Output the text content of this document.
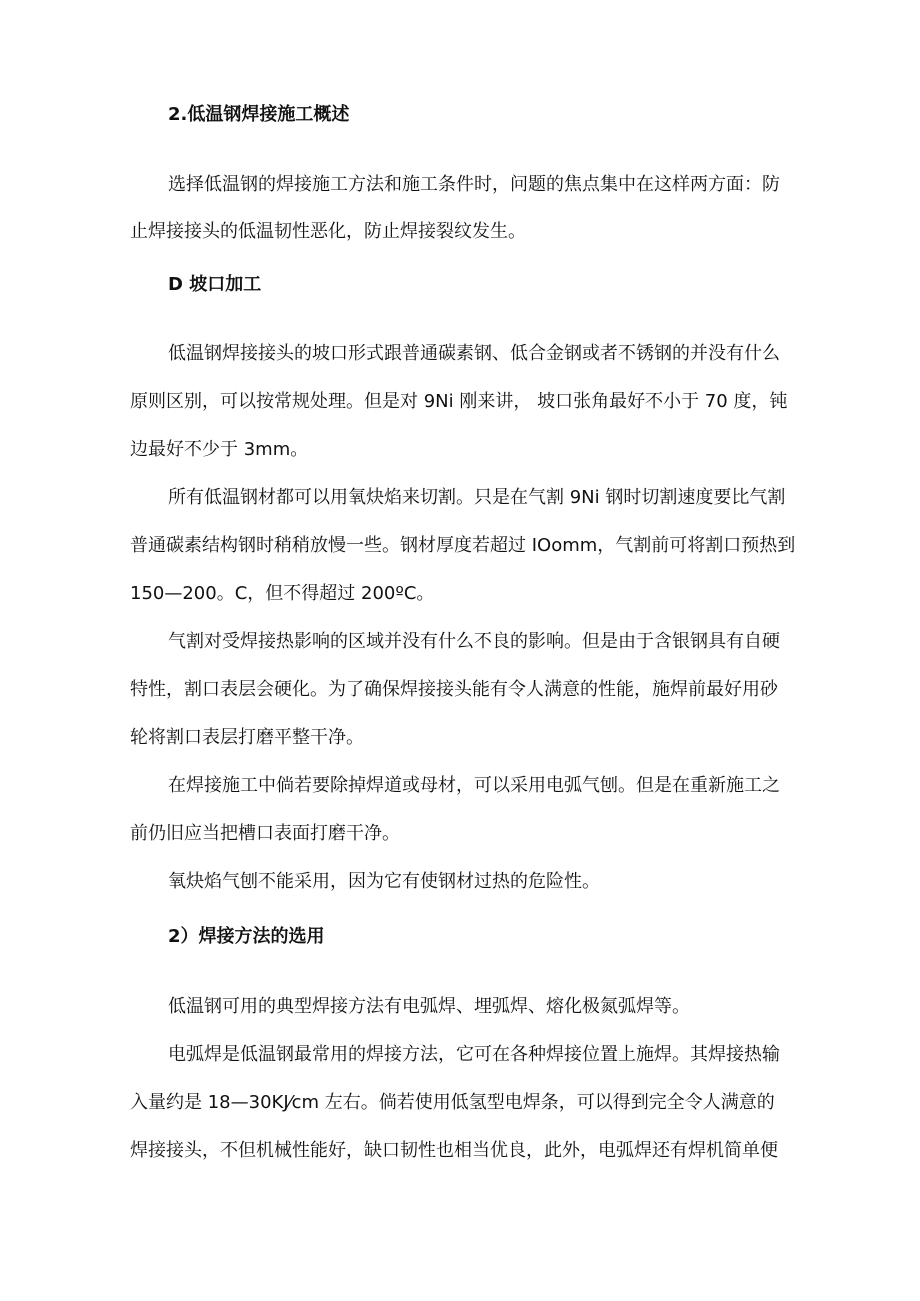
2.低温钢焊接施工概述
选择低温钢的焊接施工方法和施工条件时，问题的焦点集中在这样两方面：防
止焊接接头的低温韧性恶化，防止焊接裂纹发生。
D 坡口加工
低温钢焊接接头的坡口形式跟普通碳素钢、低合金钢或者不锈钢的并没有什么
原则区别，可以按常规处理。但是对 9Ni 刚来讲， 坡口张角最好不小于 70 度，钝
边最好不少于 3mm。
所有低温钢材都可以用氧炔焰来切割。只是在气割 9Ni 钢时切割速度要比气割
普通碳素结构钢时稍稍放慢一些。钢材厚度若超过 IOomm，气割前可将割口预热到
150—200。C，但不得超过 200ºC。
气割对受焊接热影响的区域并没有什么不良的影响。但是由于含银钢具有自硬
特性，割口表层会硬化。为了确保焊接接头能有令人满意的性能，施焊前最好用砂
轮将割口表层打磨平整干净。
在焊接施工中倘若要除掉焊道或母材，可以采用电弧气刨。但是在重新施工之
前仍旧应当把槽口表面打磨干净。
氧炔焰气刨不能采用，因为它有使钢材过热的危险性。
2）焊接方法的选用
低温钢可用的典型焊接方法有电弧焊、埋弧焊、熔化极氮弧焊等。
电弧焊是低温钢最常用的焊接方法，它可在各种焊接位置上施焊。其焊接热输
入量约是 18—30KJ⁄cm 左右。倘若使用低氢型电焊条，可以得到完全令人满意的
焊接接头，不但机械性能好，缺口韧性也相当优良，此外，电弧焊还有焊机简单便
